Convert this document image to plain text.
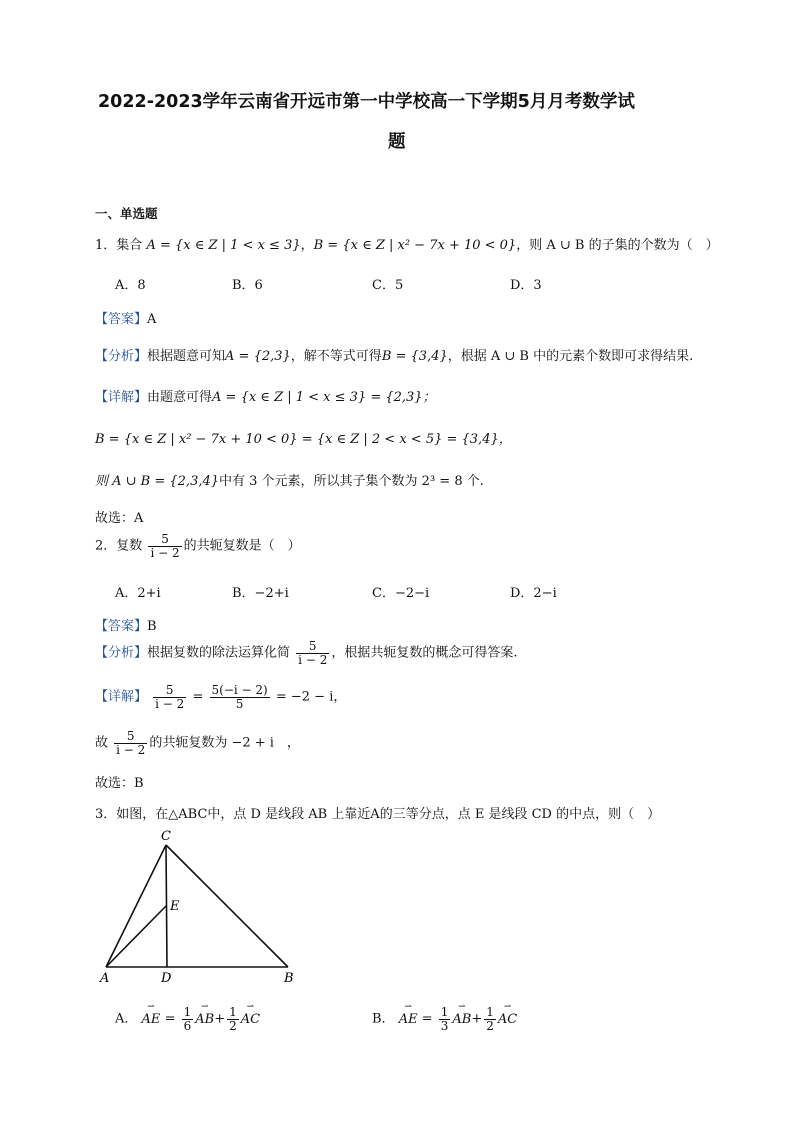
2022-2023学年云南省开远市第一中学校高一下学期5月月考数学试
题
一、单选题
1．集合 A = {x ∈ Z | 1 < x ≤ 3}，B = {x ∈ Z | x² − 7x + 10 < 0}，则 A ∪ B 的子集的个数为（　）
A．8	B．6	C．5	D．3
【答案】A
【分析】根据题意可知A = {2,3}，解不等式可得B = {3,4}，根据 A ∪ B 中的元素个数即可求得结果.
【详解】由题意可得A = {x ∈ Z | 1 < x ≤ 3} = {2,3}；
B = {x ∈ Z | x² − 7x + 10 < 0} = {x ∈ Z | 2 < x < 5} = {3,4}，
则 A ∪ B = {2,3,4}中有 3 个元素，所以其子集个数为 2³ = 8 个.
故选：A
2．复数 $\frac{5}{i - 2}$ 的共轭复数是（　）
A．2+i	B．−2+i	C．−2−i	D．2−i
【答案】B
【分析】根据复数的除法运算化简 $\frac{5}{i - 2}$ ，根据共轭复数的概念可得答案.
【详解】 $\frac{5}{i - 2} = \frac{5(-i - 2)}{5} = -2 - i$，
故 $\frac{5}{i - 2}$ 的共轭复数为 −2 + i　，
故选：B
3．如图，在△ABC中，点 D 是线段 AB 上靠近A的三等分点，点 E 是线段 CD 的中点，则（　）
C
E
A	D	B
A． ⇀ AE = $\frac{1}{6}$ ⇀ $AB+ \frac{1}{2}$ ⇀ AC	B． ⇀ AE = $\frac{1}{3}$ ⇀ $AB+ \frac{1}{2}$ ⇀ AC
